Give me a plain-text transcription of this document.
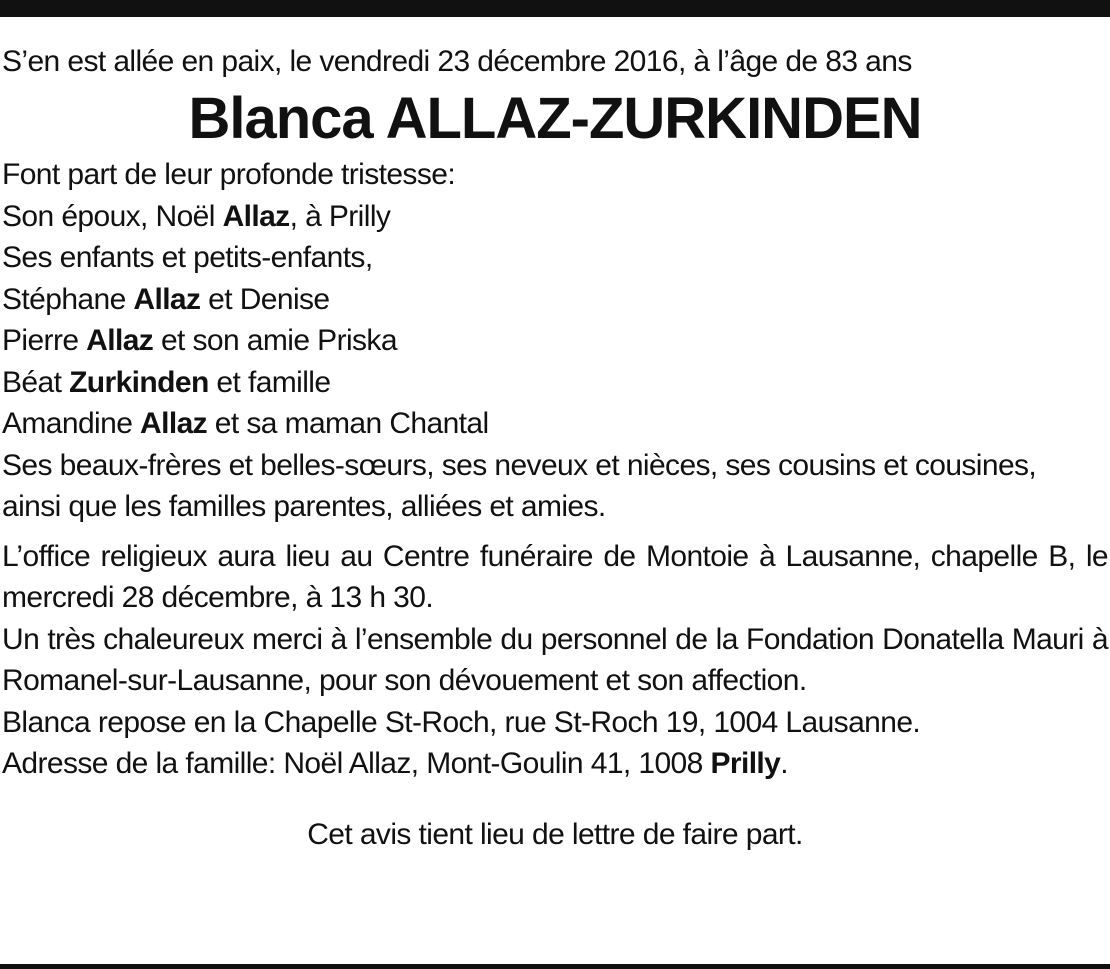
S’en est allée en paix, le vendredi 23 décembre 2016, à l’âge de 83 ans

Blanca ALLAZ-ZURKINDEN
Font part de leur profonde tristesse:
Son époux, Noël Allaz, à Prilly
Ses enfants et petits-enfants,
Stéphane Allaz et Denise
Pierre Allaz et son amie Priska
Béat Zurkinden et famille
Amandine Allaz et sa maman Chantal
Ses beaux-frères et belles-sœurs, ses neveux et nièces, ses cousins et cousines,
ainsi que les familles parentes, alliées et amies.
L’office religieux aura lieu au Centre funéraire de Montoie à Lausanne, chapelle B, le mercredi 28 décembre, à 13 h 30.
Un très chaleureux merci à l’ensemble du personnel de la Fondation Donatella Mauri à Romanel-sur-Lausanne, pour son dévouement et son affection.
Blanca repose en la Chapelle St-Roch, rue St-Roch 19, 1004 Lausanne.
Adresse de la famille: Noël Allaz, Mont-Goulin 41, 1008 Prilly.
Cet avis tient lieu de lettre de faire part.
